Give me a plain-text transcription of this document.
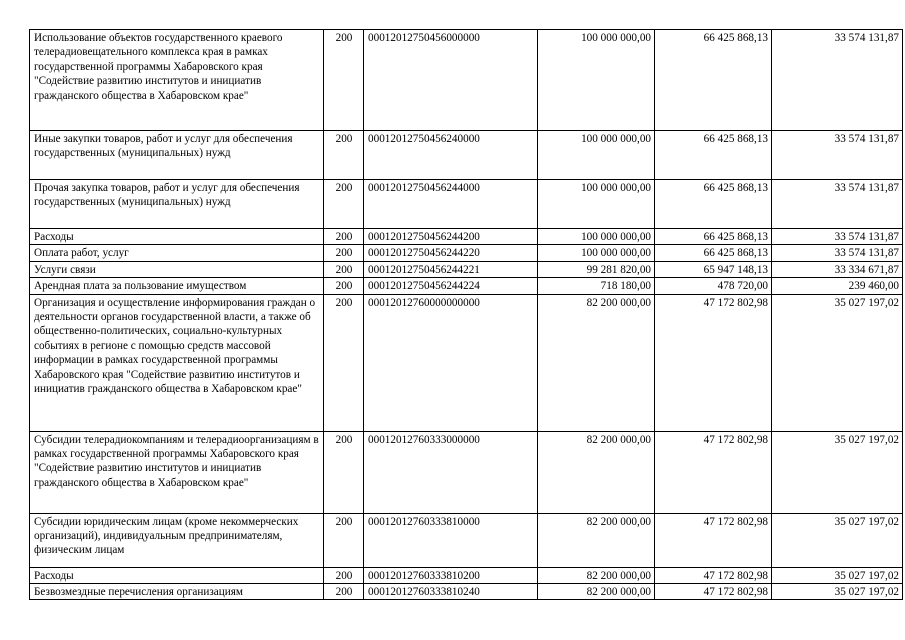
Использование объектов государственного краевого телерадиовещательного комплекса края в рамках государственной программы Хабаровского края "Содействие развитию институтов и инициатив гражданского общества в Хабаровском крае"	200	00012012750456000000	100 000 000,00	66 425 868,13	33 574 131,87
Иные закупки товаров, работ и услуг для обеспечения государственных (муниципальных) нужд	200	00012012750456240000	100 000 000,00	66 425 868,13	33 574 131,87
Прочая закупка товаров, работ и услуг для обеспечения государственных (муниципальных) нужд	200	00012012750456244000	100 000 000,00	66 425 868,13	33 574 131,87
Расходы	200	00012012750456244200	100 000 000,00	66 425 868,13	33 574 131,87
Оплата работ, услуг	200	00012012750456244220	100 000 000,00	66 425 868,13	33 574 131,87
Услуги связи	200	00012012750456244221	99 281 820,00	65 947 148,13	33 334 671,87
Арендная плата за пользование имуществом	200	00012012750456244224	718 180,00	478 720,00	239 460,00
Организация и осуществление информирования граждан о деятельности органов государственной власти, а также об общественно-политических, социально-культурных событиях в регионе с помощью средств массовой информации в рамках государственной программы Хабаровского края "Содействие развитию институтов и инициатив гражданского общества в Хабаровском крае"	200	00012012760000000000	82 200 000,00	47 172 802,98	35 027 197,02
Субсидии телерадиокомпаниям и телерадиоорганизациям в рамках государственной программы Хабаровского края "Содействие развитию институтов и инициатив гражданского общества в Хабаровском крае"	200	00012012760333000000	82 200 000,00	47 172 802,98	35 027 197,02
Субсидии юридическим лицам (кроме некоммерческих организаций), индивидуальным предпринимателям, физическим лицам	200	00012012760333810000	82 200 000,00	47 172 802,98	35 027 197,02
Расходы	200	00012012760333810200	82 200 000,00	47 172 802,98	35 027 197,02
Безвозмездные перечисления организациям	200	00012012760333810240	82 200 000,00	47 172 802,98	35 027 197,02
